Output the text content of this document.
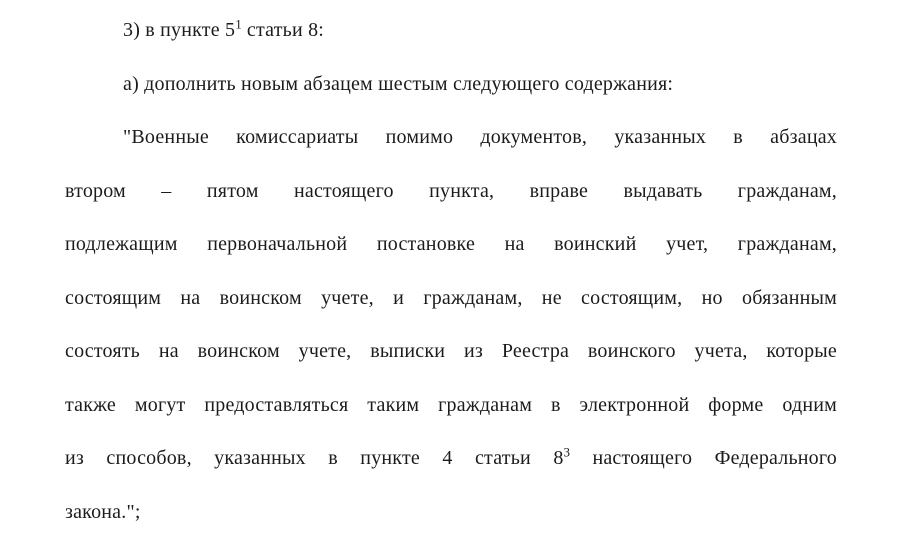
3) в пункте $5^1$ статьи 8:

а) дополнить новым абзацем шестым следующего содержания:

"Военные комиссариаты помимо документов, указанных в абзацах

втором – пятом настоящего пункта, вправе выдавать гражданам,

подлежащим первоначальной постановке на воинский учет, гражданам,

состоящим на воинском учете, и гражданам, не состоящим, но обязанным

состоять на воинском учете, выписки из Реестра воинского учета, которые

также могут предоставляться таким гражданам в электронной форме одним

из способов, указанных в пункте 4 статьи $8^3$ настоящего Федерального

закона.";
